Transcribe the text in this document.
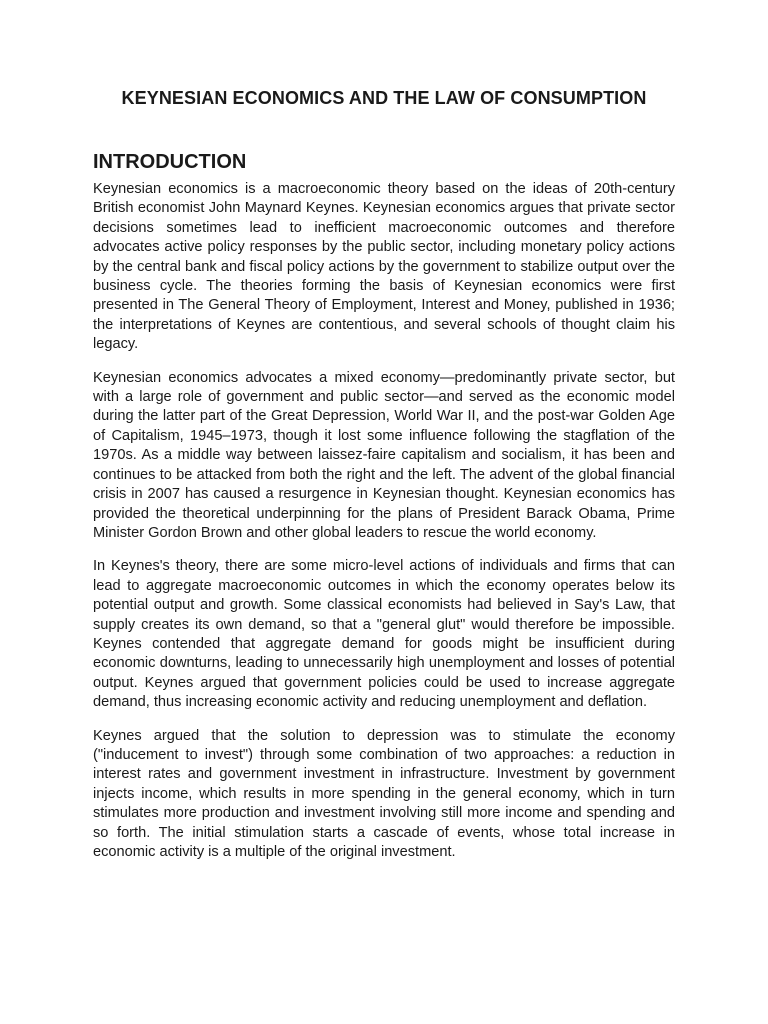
KEYNESIAN ECONOMICS AND THE LAW OF CONSUMPTION
INTRODUCTION

Keynesian economics is a macroeconomic theory based on the ideas of 20th-century British economist John Maynard Keynes. Keynesian economics argues that private sector decisions sometimes lead to inefficient macroeconomic outcomes and therefore advocates active policy responses by the public sector, including monetary policy actions by the central bank and fiscal policy actions by the government to stabilize output over the business cycle. The theories forming the basis of Keynesian economics were first presented in The General Theory of Employment, Interest and Money, published in 1936; the interpretations of Keynes are contentious, and several schools of thought claim his legacy.

Keynesian economics advocates a mixed economy—predominantly private sector, but with a large role of government and public sector—and served as the economic model during the latter part of the Great Depression, World War II, and the post-war Golden Age of Capitalism, 1945–1973, though it lost some influence following the stagflation of the 1970s. As a middle way between laissez-faire capitalism and socialism, it has been and continues to be attacked from both the right and the left. The advent of the global financial crisis in 2007 has caused a resurgence in Keynesian thought. Keynesian economics has provided the theoretical underpinning for the plans of President Barack Obama, Prime Minister Gordon Brown and other global leaders to rescue the world economy.

In Keynes's theory, there are some micro-level actions of individuals and firms that can lead to aggregate macroeconomic outcomes in which the economy operates below its potential output and growth. Some classical economists had believed in Say's Law, that supply creates its own demand, so that a "general glut" would therefore be impossible. Keynes contended that aggregate demand for goods might be insufficient during economic downturns, leading to unnecessarily high unemployment and losses of potential output. Keynes argued that government policies could be used to increase aggregate demand, thus increasing economic activity and reducing unemployment and deflation.

Keynes argued that the solution to depression was to stimulate the economy ("inducement to invest") through some combination of two approaches: a reduction in interest rates and government investment in infrastructure. Investment by government injects income, which results in more spending in the general economy, which in turn stimulates more production and investment involving still more income and spending and so forth. The initial stimulation starts a cascade of events, whose total increase in economic activity is a multiple of the original investment.
